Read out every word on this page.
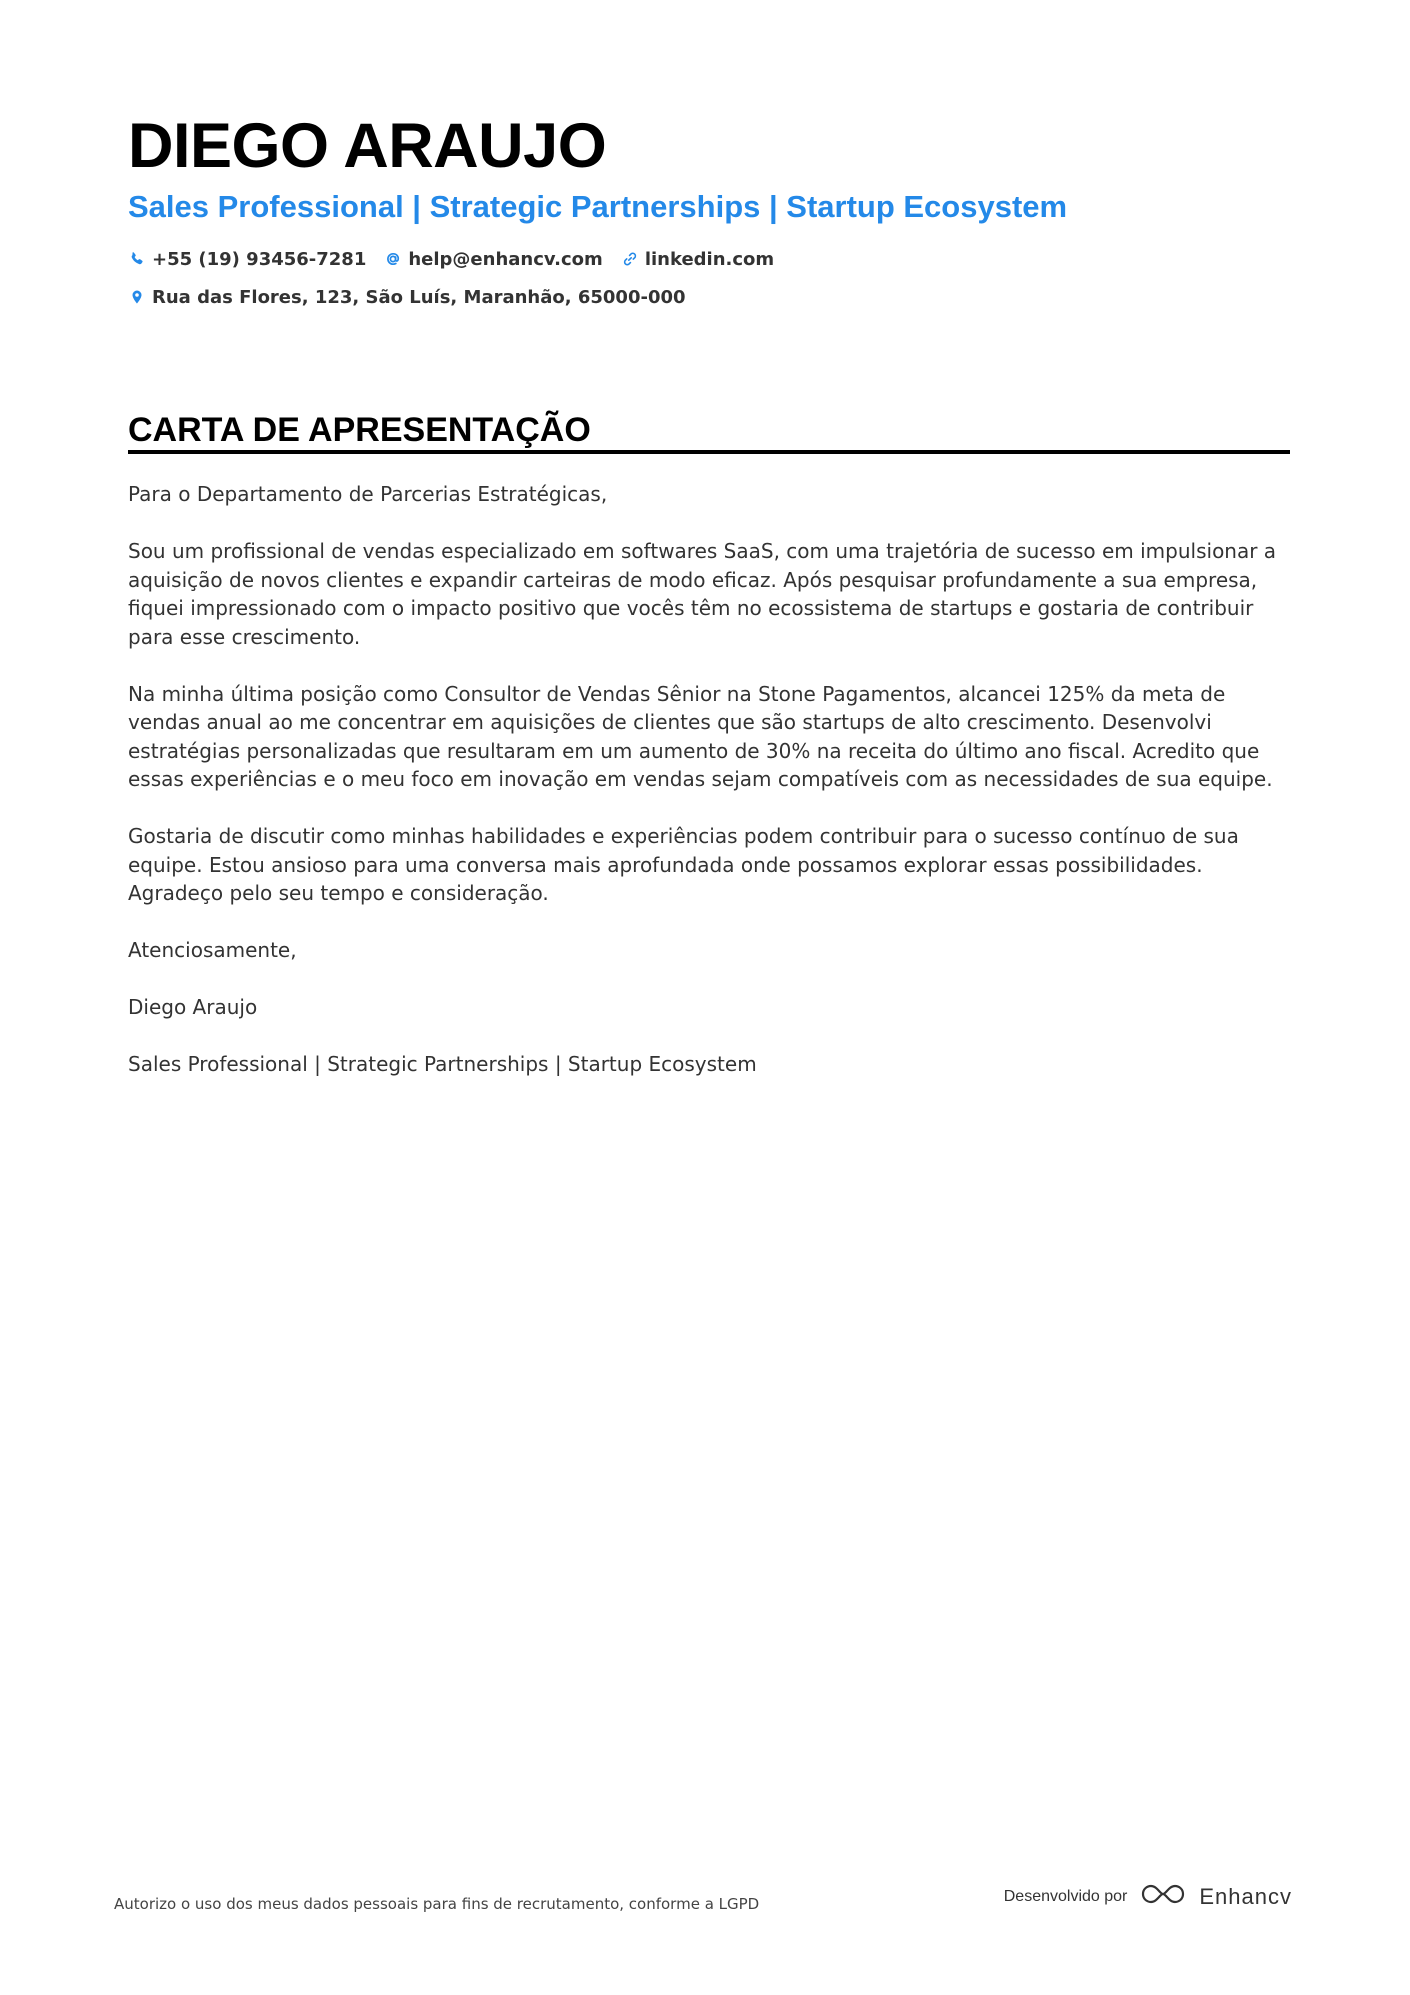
DIEGO ARAUJO
Sales Professional | Strategic Partnerships | Startup Ecosystem
+55 (19) 93456-7281 help@enhancv.com linkedin.com
Rua das Flores, 123, São Luís, Maranhão, 65000-000
CARTA DE APRESENTAÇÃO

Para o Departamento de Parcerias Estratégicas,

Sou um profissional de vendas especializado em softwares SaaS, com uma trajetória de sucesso em impulsionar a aquisição de novos clientes e expandir carteiras de modo eficaz. Após pesquisar profundamente a sua empresa, fiquei impressionado com o impacto positivo que vocês têm no ecossistema de startups e gostaria de contribuir para esse crescimento.

Na minha última posição como Consultor de Vendas Sênior na Stone Pagamentos, alcancei 125% da meta de vendas anual ao me concentrar em aquisições de clientes que são startups de alto crescimento. Desenvolvi estratégias personalizadas que resultaram em um aumento de 30% na receita do último ano fiscal. Acredito que essas experiências e o meu foco em inovação em vendas sejam compatíveis com as necessidades de sua equipe.

Gostaria de discutir como minhas habilidades e experiências podem contribuir para o sucesso contínuo de sua equipe. Estou ansioso para uma conversa mais aprofundada onde possamos explorar essas possibilidades. Agradeço pelo seu tempo e consideração.

Atenciosamente,

Diego Araujo

Sales Professional | Strategic Partnerships | Startup Ecosystem

Autorizo o uso dos meus dados pessoais para fins de recrutamento, conforme a LGPD	Desenvolvido por	Enhancv
